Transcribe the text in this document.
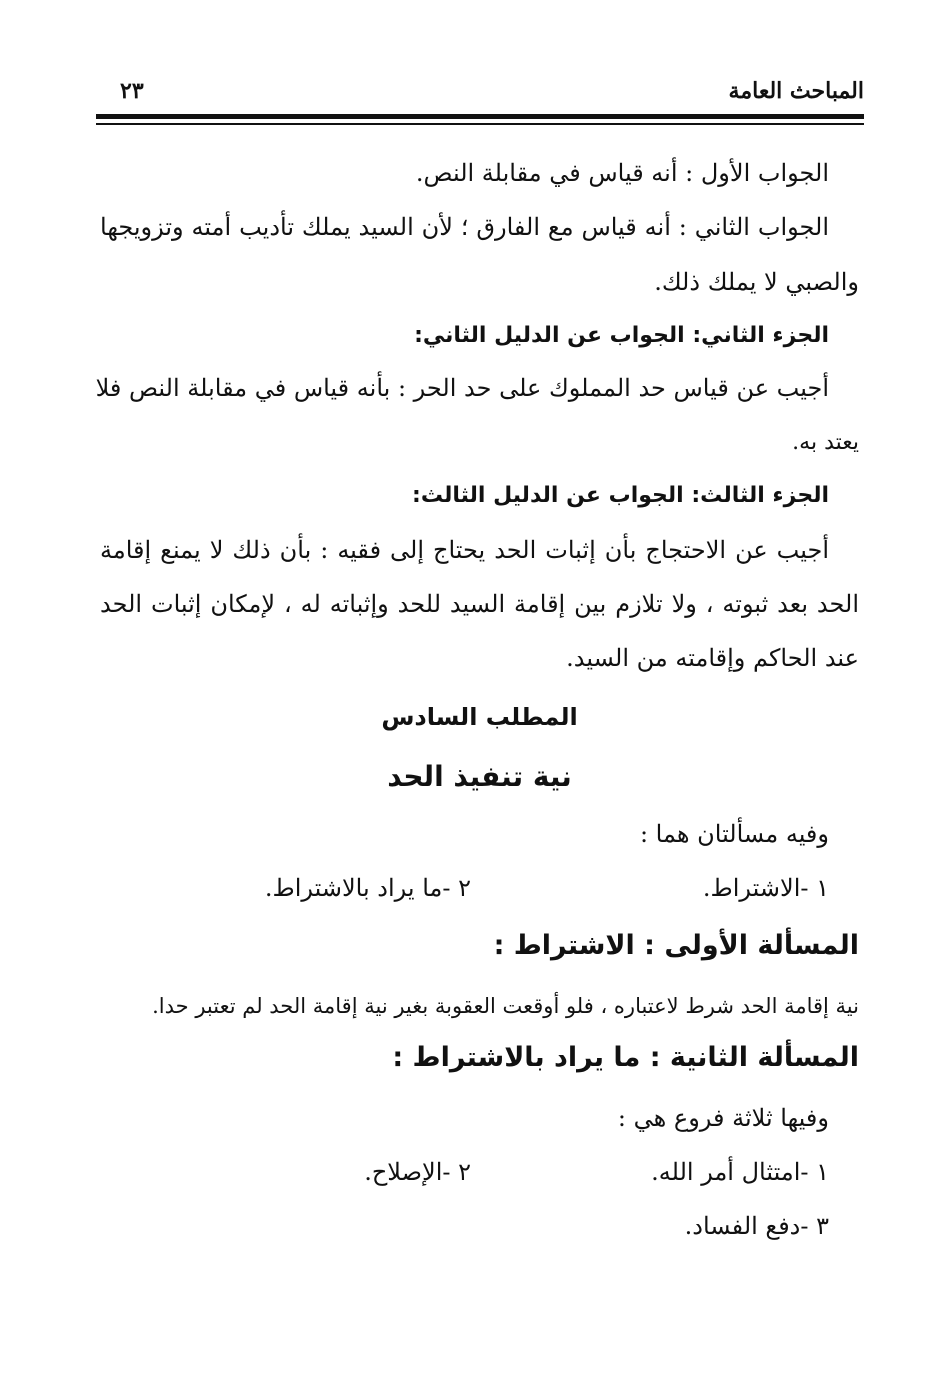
المباحث العامة
٢٣
الجواب الأول : أنه قياس في مقابلة النص.
الجواب الثاني : أنه قياس مع الفارق ؛ لأن السيد يملك تأديب أمته وتزويجها
والصبي لا يملك ذلك.
الجزء الثاني: الجواب عن الدليل الثاني:
أجيب عن قياس حد المملوك على حد الحر : بأنه قياس في مقابلة النص فلا
يعتد به.
الجزء الثالث: الجواب عن الدليل الثالث:
أجيب عن الاحتجاج بأن إثبات الحد يحتاج إلى فقيه : بأن ذلك لا يمنع إقامة
الحد بعد ثبوته ، ولا تلازم بين إقامة السيد للحد وإثباته له ، لإمكان إثبات الحد
عند الحاكم وإقامته من السيد.
المطلب السادس
نية تنفيذ الحد
وفيه مسألتان هما :
١ -الاشتراط.
٢ -ما يراد بالاشتراط.
المسألة الأولى : الاشتراط :
نية إقامة الحد شرط لاعتباره ، فلو أوقعت العقوبة بغير نية إقامة الحد لم تعتبر حدا.
المسألة الثانية : ما يراد بالاشتراط :
وفيها ثلاثة فروع هي :
١ -امتثال أمر الله.
٢ -الإصلاح.
٣ -دفع الفساد.
